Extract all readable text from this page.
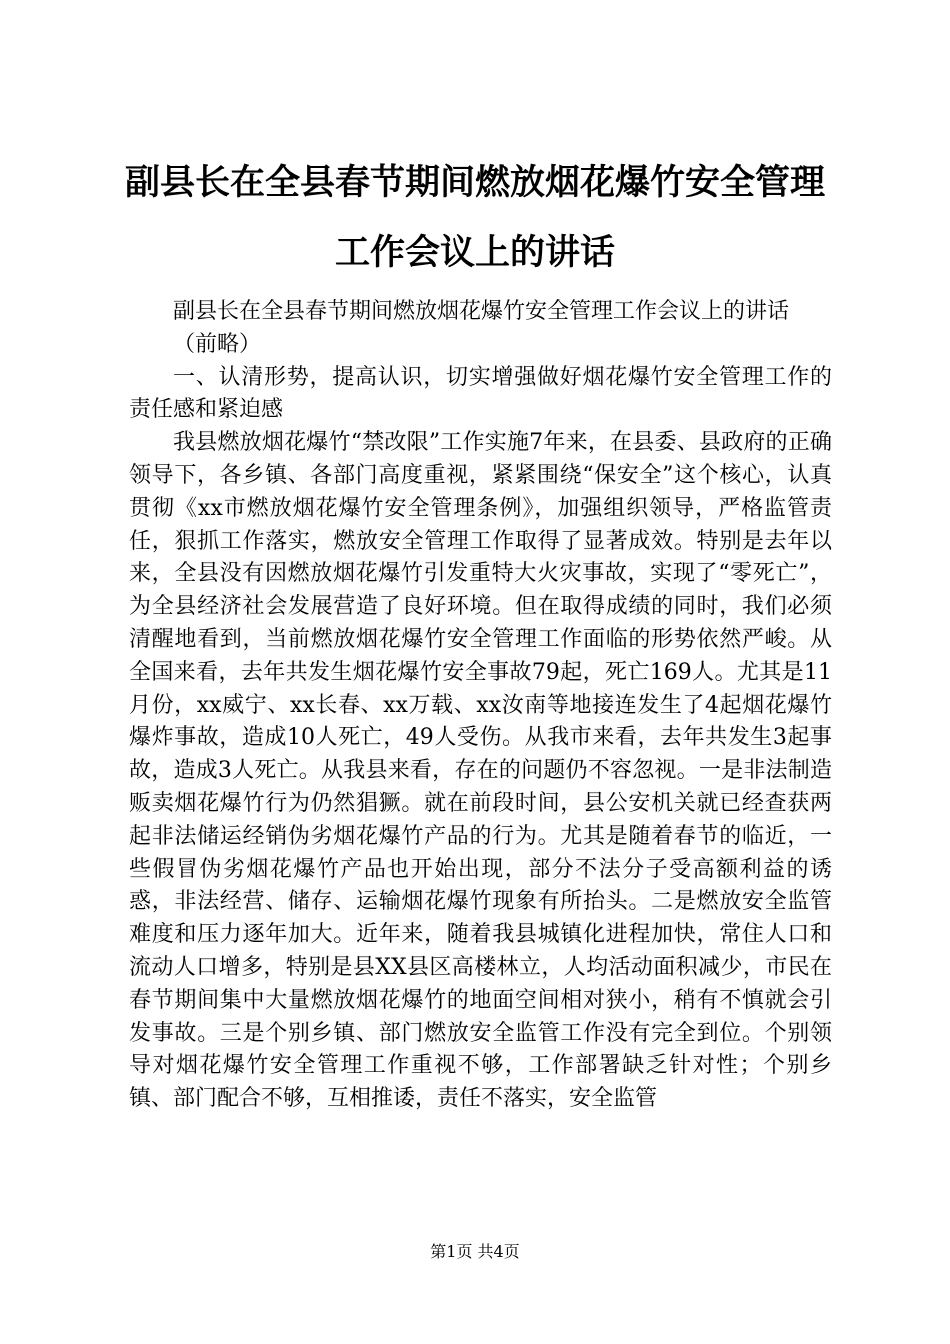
副县长在全县春节期间燃放烟花爆竹安全管理
工作会议上的讲话

副县长在全县春节期间燃放烟花爆竹安全管理工作会议上的讲话

（前略）

一、认清形势，提高认识，切实增强做好烟花爆竹安全管理工作的责任感和紧迫感

我县燃放烟花爆竹“禁改限”工作实施7年来，在县委、县政府的正确领导下，各乡镇、各部门高度重视，紧紧围绕“保安全”这个核心，认真贯彻《xx市燃放烟花爆竹安全管理条例》，加强组织领导，严格监管责任，狠抓工作落实，燃放安全管理工作取得了显著成效。特别是去年以来，全县没有因燃放烟花爆竹引发重特大火灾事故，实现了“零死亡”，为全县经济社会发展营造了良好环境。但在取得成绩的同时，我们必须清醒地看到，当前燃放烟花爆竹安全管理工作面临的形势依然严峻。从全国来看，去年共发生烟花爆竹安全事故79起，死亡169人。尤其是11月份，xx威宁、xx长春、xx万载、xx汝南等地接连发生了4起烟花爆竹爆炸事故，造成10人死亡，49人受伤。从我市来看，去年共发生3起事故，造成3人死亡。从我县来看，存在的问题仍不容忽视。一是非法制造贩卖烟花爆竹行为仍然猖獗。就在前段时间，县公安机关就已经查获两起非法储运经销伪劣烟花爆竹产品的行为。尤其是随着春节的临近，一些假冒伪劣烟花爆竹产品也开始出现，部分不法分子受高额利益的诱惑，非法经营、储存、运输烟花爆竹现象有所抬头。二是燃放安全监管难度和压力逐年加大。近年来，随着我县城镇化进程加快，常住人口和流动人口增多，特别是县XX县区高楼林立，人均活动面积减少，市民在春节期间集中大量燃放烟花爆竹的地面空间相对狭小，稍有不慎就会引发事故。三是个别乡镇、部门燃放安全监管工作没有完全到位。个别领导对烟花爆竹安全管理工作重视不够，工作部署缺乏针对性；个别乡镇、部门配合不够，互相推诿，责任不落实，安全监管

第1页 共4页
